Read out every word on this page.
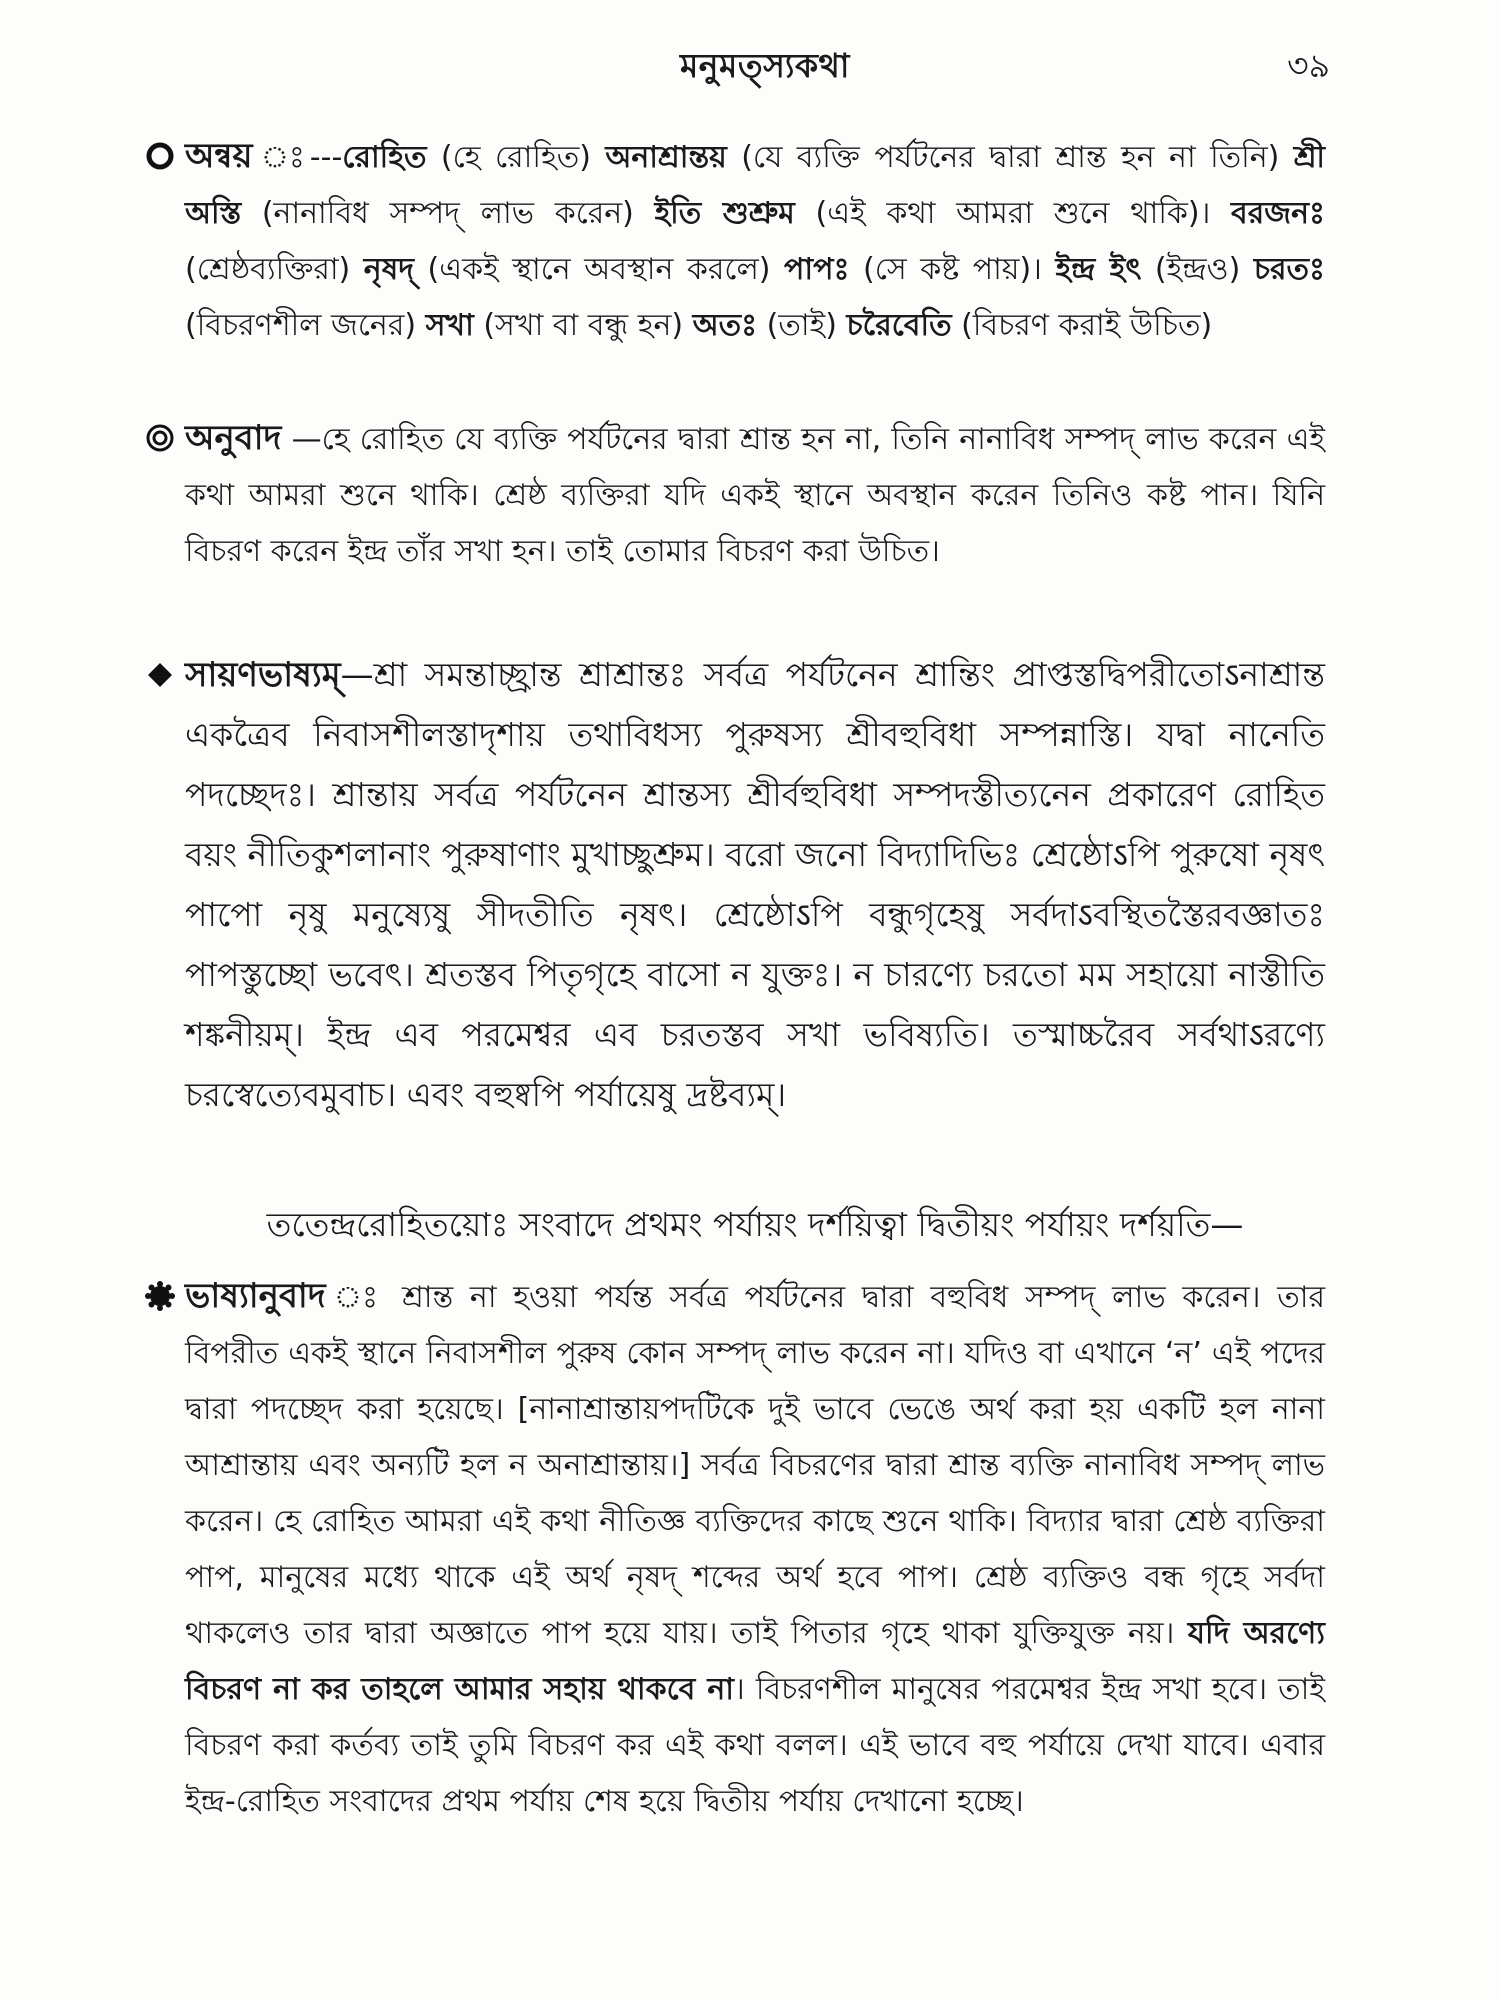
মনুমত্স্যকথা	৩৯

অন্বয় ঃ---রোহিত (হে রোহিত) অনাশ্রান্তয় (যে ব্যক্তি পর্যটনের দ্বারা শ্রান্ত হন না তিনি) শ্রী অস্তি (নানাবিধ সম্পদ্ লাভ করেন) ইতি শুশ্রুম (এই কথা আমরা শুনে থাকি)। বরজনঃ (শ্রেষ্ঠব্যক্তিরা) নৃষদ্ (একই স্থানে অবস্থান করলে) পাপঃ (সে কষ্ট পায়)। ইন্দ্র ইৎ (ইন্দ্রও) চরতঃ (বিচরণশীল জনের) সখা (সখা বা বন্ধু হন) অতঃ (তাই) চরৈবেতি (বিচরণ করাই উচিত)

অনুবাদ —হে রোহিত যে ব্যক্তি পর্যটনের দ্বারা শ্রান্ত হন না, তিনি নানাবিধ সম্পদ্ লাভ করেন এই কথা আমরা শুনে থাকি। শ্রেষ্ঠ ব্যক্তিরা যদি একই স্থানে অবস্থান করেন তিনিও কষ্ট পান। যিনি বিচরণ করেন ইন্দ্র তাঁর সখা হন। তাই তোমার বিচরণ করা উচিত।

সায়ণভাষ্যম্—শ্রা সমন্তাচ্ছ্রান্ত শ্রাশ্রান্তঃ সর্বত্র পর্যটনেন শ্রান্তিং প্রাপ্তস্তদ্বিপরীতোऽনাশ্রান্ত একত্রৈব নিবাসশীলস্তাদৃশায় তথাবিধস্য পুরুষস্য শ্রীবহুবিধা সম্পন্নাস্তি। যদ্বা নানেতি পদচ্ছেদঃ। শ্রান্তায় সর্বত্র পর্যটনেন শ্রান্তস্য শ্রীর্বহুবিধা সম্পদস্তীত্যনেন প্রকারেণ রোহিত বয়ং নীতিকুশলানাং পুরুষাণাং মুখাচ্ছুশ্রুম। বরো জনো বিদ্যাদিভিঃ শ্রেষ্ঠোऽপি পুরুষো নৃষৎ পাপো নৃষু মনুষ্যেষু সীদতীতি নৃষৎ। শ্রেষ্ঠোऽপি বন্ধুগৃহেষু সর্বদাऽবস্থিতস্তৈরবজ্ঞাতঃ পাপস্তুচ্ছো ভবেৎ। শ্রতস্তব পিতৃগৃহে বাসো ন যুক্তঃ। ন চারণ্যে চরতো মম সহায়ো নাস্তীতি শঙ্কনীয়ম্। ইন্দ্র এব পরমেশ্বর এব চরতস্তব সখা ভবিষ্যতি। তস্মাচ্চরৈব সর্বথাऽরণ্যে চরস্বেত্যেবমুবাচ। এবং বহুষ্বপি পর্যায়েষু দ্রষ্টব্যম্।

ততেন্দ্ররোহিতয়োঃ সংবাদে প্রথমং পর্যায়ং দর্শয়িত্বা দ্বিতীয়ং পর্যায়ং দর্শয়তি—

ভাষ্যানুবাদ ঃ শ্রান্ত না হওয়া পর্যন্ত সর্বত্র পর্যটনের দ্বারা বহুবিধ সম্পদ্ লাভ করেন। তার বিপরীত একই স্থানে নিবাসশীল পুরুষ কোন সম্পদ্ লাভ করেন না। যদিও বা এখানে ‘ন’ এই পদের দ্বারা পদচ্ছেদ করা হয়েছে। [নানাশ্রান্তায়পদটিকে দুই ভাবে ভেঙে অর্থ করা হয় একটি হল নানা আশ্রান্তায় এবং অন্যটি হল ন অনাশ্রান্তায়।] সর্বত্র বিচরণের দ্বারা শ্রান্ত ব্যক্তি নানাবিধ সম্পদ্ লাভ করেন। হে রোহিত আমরা এই কথা নীতিজ্ঞ ব্যক্তিদের কাছে শুনে থাকি। বিদ্যার দ্বারা শ্রেষ্ঠ ব্যক্তিরা পাপ, মানুষের মধ্যে থাকে এই অর্থ নৃষদ্ শব্দের অর্থ হবে পাপ। শ্রেষ্ঠ ব্যক্তিও বন্ধ গৃহে সর্বদা থাকলেও তার দ্বারা অজ্ঞাতে পাপ হয়ে যায়। তাই পিতার গৃহে থাকা যুক্তিযুক্ত নয়। যদি অরণ্যে বিচরণ না কর তাহলে আমার সহায় থাকবে না। বিচরণশীল মানুষের পরমেশ্বর ইন্দ্র সখা হবে। তাই বিচরণ করা কর্তব্য তাই তুমি বিচরণ কর এই কথা বলল। এই ভাবে বহু পর্যায়ে দেখা যাবে। এবার ইন্দ্র-রোহিত সংবাদের প্রথম পর্যায় শেষ হয়ে দ্বিতীয় পর্যায় দেখানো হচ্ছে।
